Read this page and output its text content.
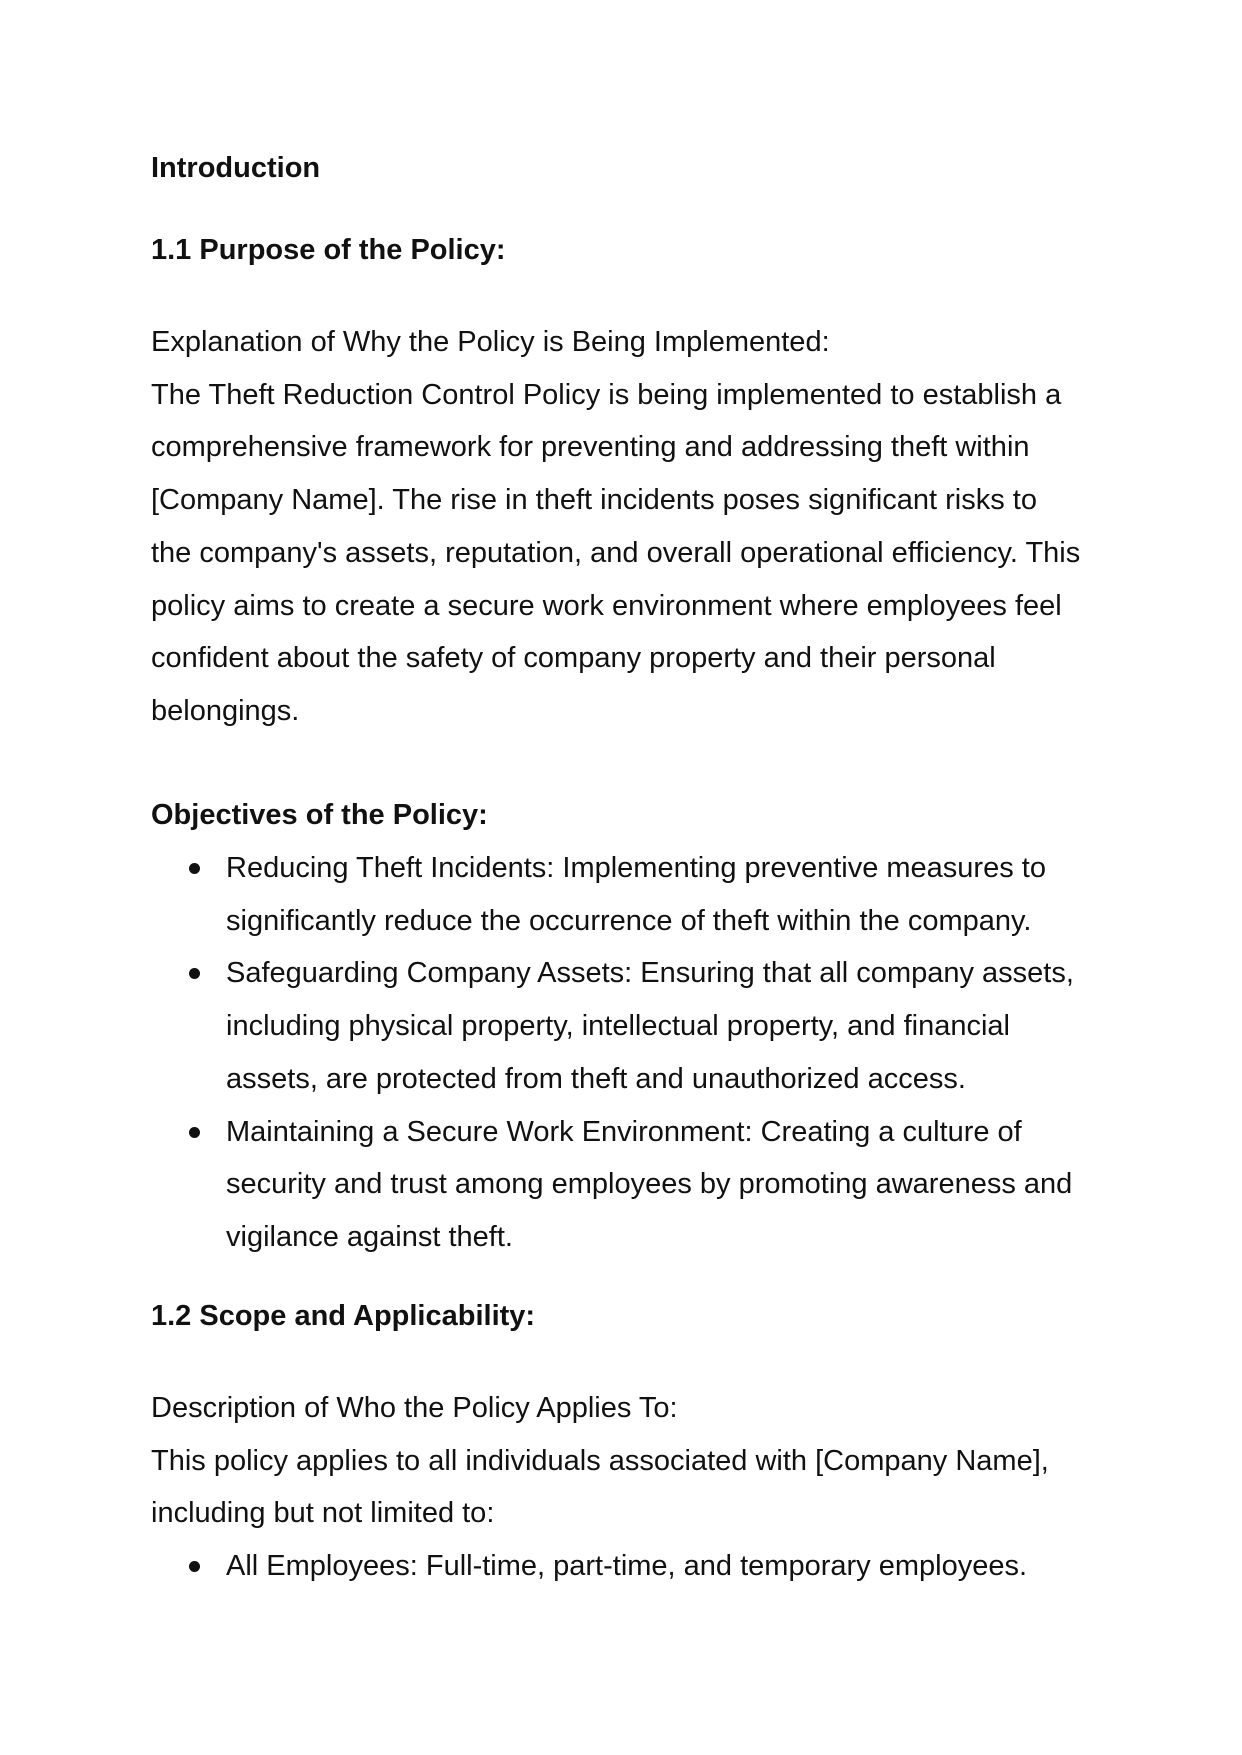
Introduction
1.1 Purpose of the Policy:

Explanation of Why the Policy is Being Implemented:
The Theft Reduction Control Policy is being implemented to establish a
comprehensive framework for preventing and addressing theft within
[Company Name]. The rise in theft incidents poses significant risks to
the company's assets, reputation, and overall operational efficiency. This
policy aims to create a secure work environment where employees feel
confident about the safety of company property and their personal
belongings.

Objectives of the Policy:
Reducing Theft Incidents: Implementing preventive measures to
significantly reduce the occurrence of theft within the company.
Safeguarding Company Assets: Ensuring that all company assets,
including physical property, intellectual property, and financial
assets, are protected from theft and unauthorized access.
Maintaining a Secure Work Environment: Creating a culture of
security and trust among employees by promoting awareness and
vigilance against theft.
1.2 Scope and Applicability:

Description of Who the Policy Applies To:
This policy applies to all individuals associated with [Company Name],
including but not limited to:

All Employees: Full-time, part-time, and temporary employees.
